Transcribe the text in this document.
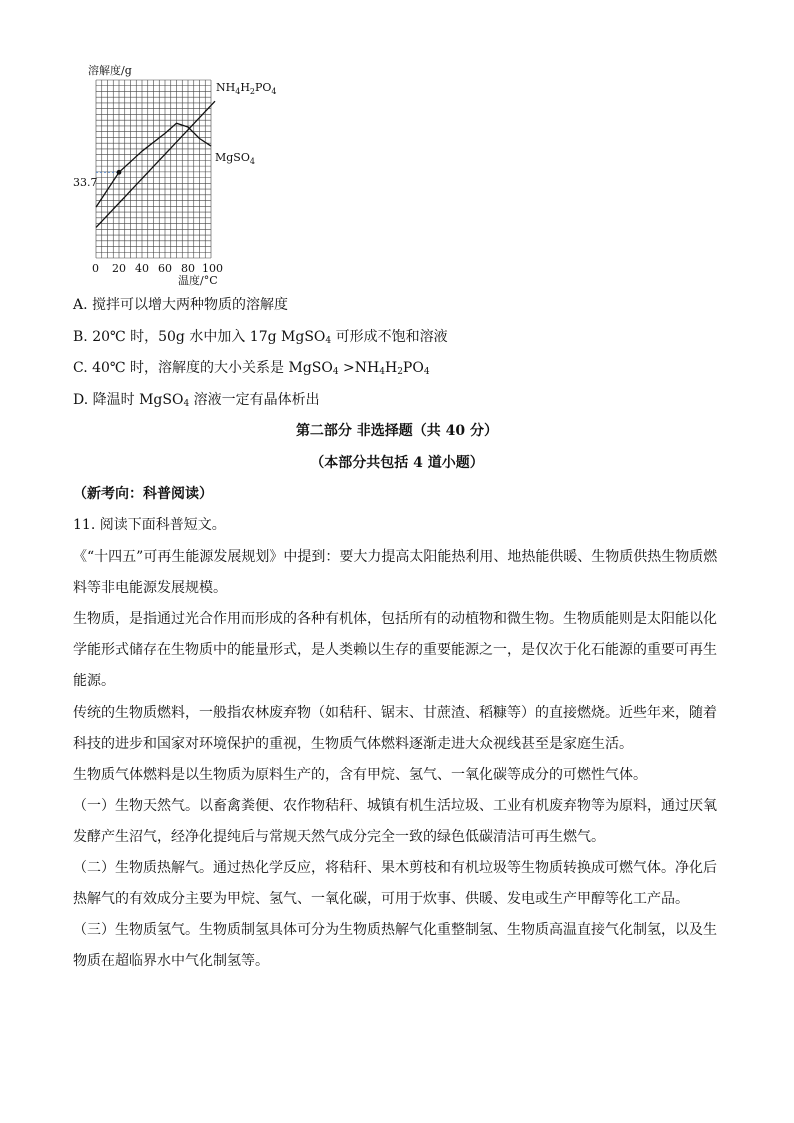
溶解度/g
温度/°C
33.7
0 20 40 60 80 100
$NH_4H_2PO_4$
MgSO$_4$
A. 搅拌可以增大两种物质的溶解度
B. 20℃ 时，50g 水中加入 17g MgSO$_4$ 可形成不饱和溶液
C. 40℃ 时，溶解度的大小关系是 MgSO$_4$ $>NH_4H_2PO_4$
D. 降温时 MgSO$_4$ 溶液一定有晶体析出
第二部分 非选择题（共 40 分）
（本部分共包括 4 道小题）
（新考向：科普阅读）
11. 阅读下面科普短文。
《“十四五”可再生能源发展规划》中提到：要大力提高太阳能热利用、地热能供暖、生物质供热生物质燃料等非电能源发展规模。
生物质，是指通过光合作用而形成的各种有机体，包括所有的动植物和微生物。生物质能则是太阳能以化学能形式储存在生物质中的能量形式，是人类赖以生存的重要能源之一，是仅次于化石能源的重要可再生能源。
传统的生物质燃料，一般指农林废弃物（如秸秆、锯末、甘蔗渣、稻糠等）的直接燃烧。近些年来，随着科技的进步和国家对环境保护的重视，生物质气体燃料逐渐走进大众视线甚至是家庭生活。
生物质气体燃料是以生物质为原料生产的，含有甲烷、氢气、一氧化碳等成分的可燃性气体。
（一）生物天然气。以畜禽粪便、农作物秸秆、城镇有机生活垃圾、工业有机废弃物等为原料，通过厌氧发酵产生沼气，经净化提纯后与常规天然气成分完全一致的绿色低碳清洁可再生燃气。
（二）生物质热解气。通过热化学反应，将秸秆、果木剪枝和有机垃圾等生物质转换成可燃气体。净化后热解气的有效成分主要为甲烷、氢气、一氧化碳，可用于炊事、供暖、发电或生产甲醇等化工产品。
（三）生物质氢气。生物质制氢具体可分为生物质热解气化重整制氢、生物质高温直接气化制氢，以及生物质在超临界水中气化制氢等。
